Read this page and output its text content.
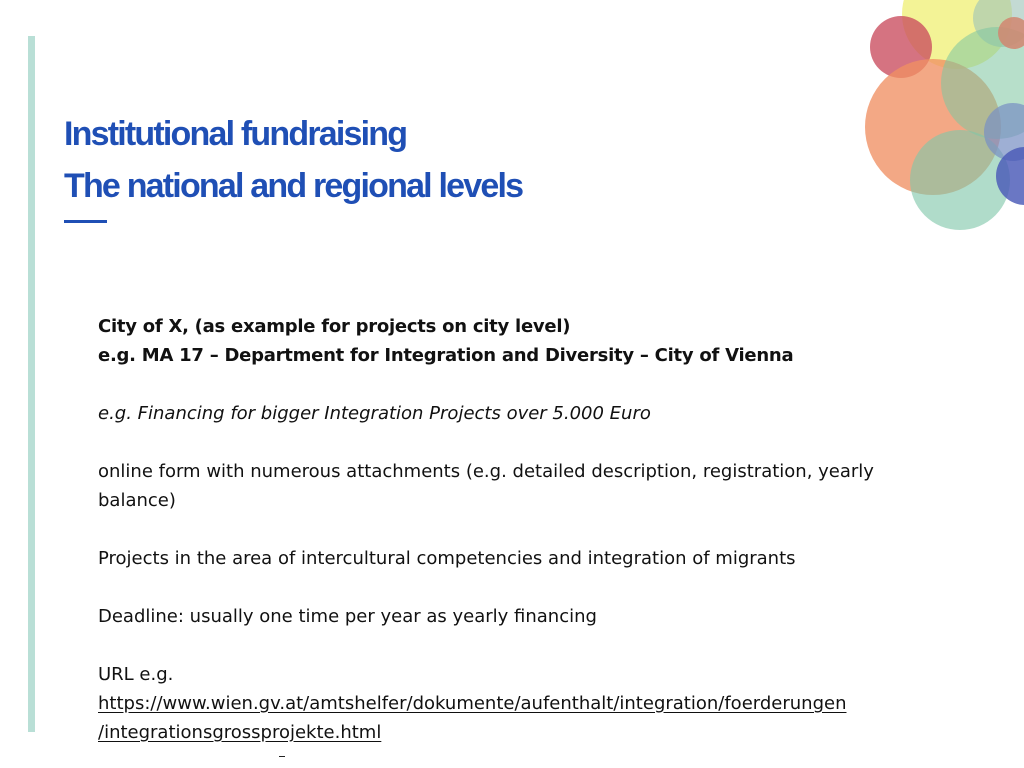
Institutional fundraising
The national and regional levels

City of X, (as example for projects on city level)

e.g. MA 17 – Department for Integration and Diversity – City of Vienna

e.g. Financing for bigger Integration Projects over 5.000 Euro

online form with numerous attachments (e.g. detailed description, registration, yearly

balance)

Projects in the area of intercultural competencies and integration of migrants

Deadline: usually one time per year as yearly financing

URL e.g.

https://www.wien.gv.at/amtshelfer/dokumente/aufenthalt/integration/foerderungen
/integrationsgrossprojekte.html
